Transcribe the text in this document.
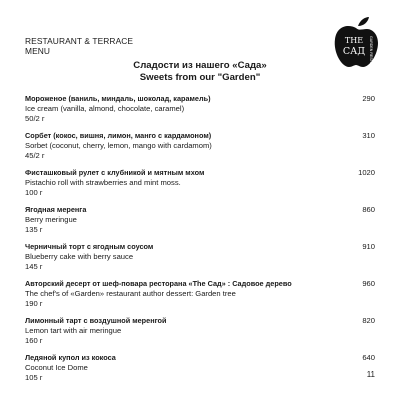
RESTAURANT & TERRACE
MENU
THE
САД GARDEN RESTAURANT
Сладости из нашего «Сада»
Sweets from our "Garden"
Мороженое (ваниль, миндаль, шоколад, карамель)
Ice cream (vanilla, almond, chocolate, caramel)
50/2 г
290
Сорбет (кокос, вишня, лимон, манго с кардамоном)
Sorbet (coconut, cherry, lemon, mango with cardamom)
45/2 г
310
Фисташковый рулет с клубникой и мятным мхом
Pistachio roll with strawberries and mint moss.
100 г
1020
Ягодная меренга
Berry meringue
135 г
860
Черничный торт с ягодным соусом
Blueberry cake with berry sauce
145 г
910
Авторский десерт от шеф-повара ресторана «The Сад» : Садовое дерево
The chef's of «Garden» restaurant author dessert: Garden tree
190 г
960
Лимонный тарт с воздушной меренгой
Lemon tart with air meringue
160 г
820
Ледяной купол из кокоса
Coconut Ice Dome
105 г
640
11
